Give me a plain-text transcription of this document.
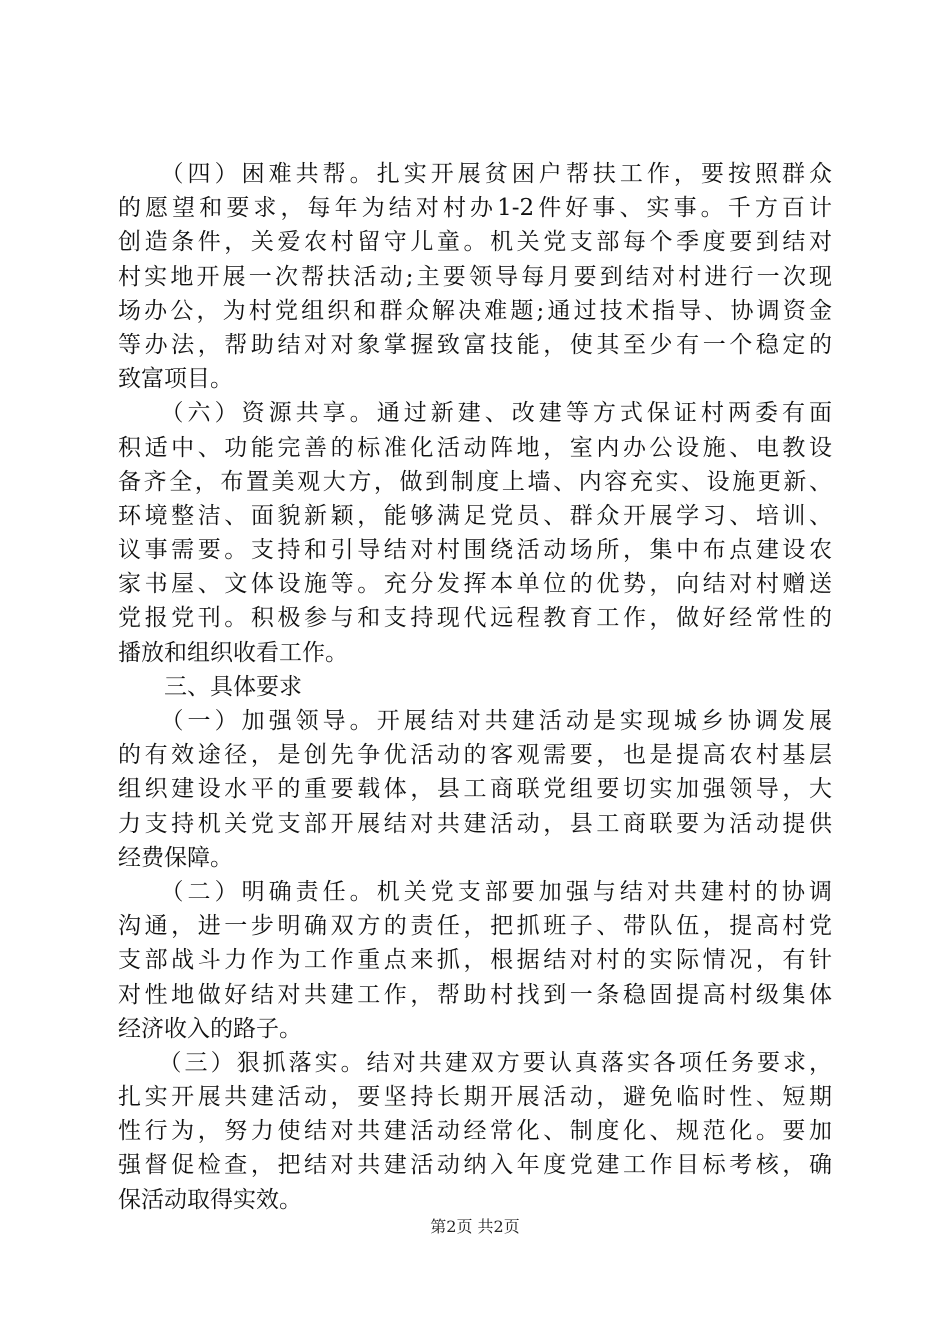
　　（四）困难共帮。扎实开展贫困户帮扶工作，要按照群众
的愿望和要求，每年为结对村办1-2件好事、实事。千方百计
创造条件，关爱农村留守儿童。机关党支部每个季度要到结对
村实地开展一次帮扶活动;主要领导每月要到结对村进行一次现
场办公，为村党组织和群众解决难题;通过技术指导、协调资金
等办法，帮助结对对象掌握致富技能，使其至少有一个稳定的
致富项目。
　　（六）资源共享。通过新建、改建等方式保证村两委有面
积适中、功能完善的标准化活动阵地，室内办公设施、电教设
备齐全，布置美观大方，做到制度上墙、内容充实、设施更新、
环境整洁、面貌新颖，能够满足党员、群众开展学习、培训、
议事需要。支持和引导结对村围绕活动场所，集中布点建设农
家书屋、文体设施等。充分发挥本单位的优势，向结对村赠送
党报党刊。积极参与和支持现代远程教育工作，做好经常性的
播放和组织收看工作。
　　三、具体要求
　　（一）加强领导。开展结对共建活动是实现城乡协调发展
的有效途径，是创先争优活动的客观需要，也是提高农村基层
组织建设水平的重要载体，县工商联党组要切实加强领导，大
力支持机关党支部开展结对共建活动，县工商联要为活动提供
经费保障。
　　（二）明确责任。机关党支部要加强与结对共建村的协调
沟通，进一步明确双方的责任，把抓班子、带队伍，提高村党
支部战斗力作为工作重点来抓，根据结对村的实际情况，有针
对性地做好结对共建工作，帮助村找到一条稳固提高村级集体
经济收入的路子。
　　（三）狠抓落实。结对共建双方要认真落实各项任务要求，
扎实开展共建活动，要坚持长期开展活动，避免临时性、短期
性行为，努力使结对共建活动经常化、制度化、规范化。要加
强督促检查，把结对共建活动纳入年度党建工作目标考核，确
保活动取得实效。
第2页 共2页
